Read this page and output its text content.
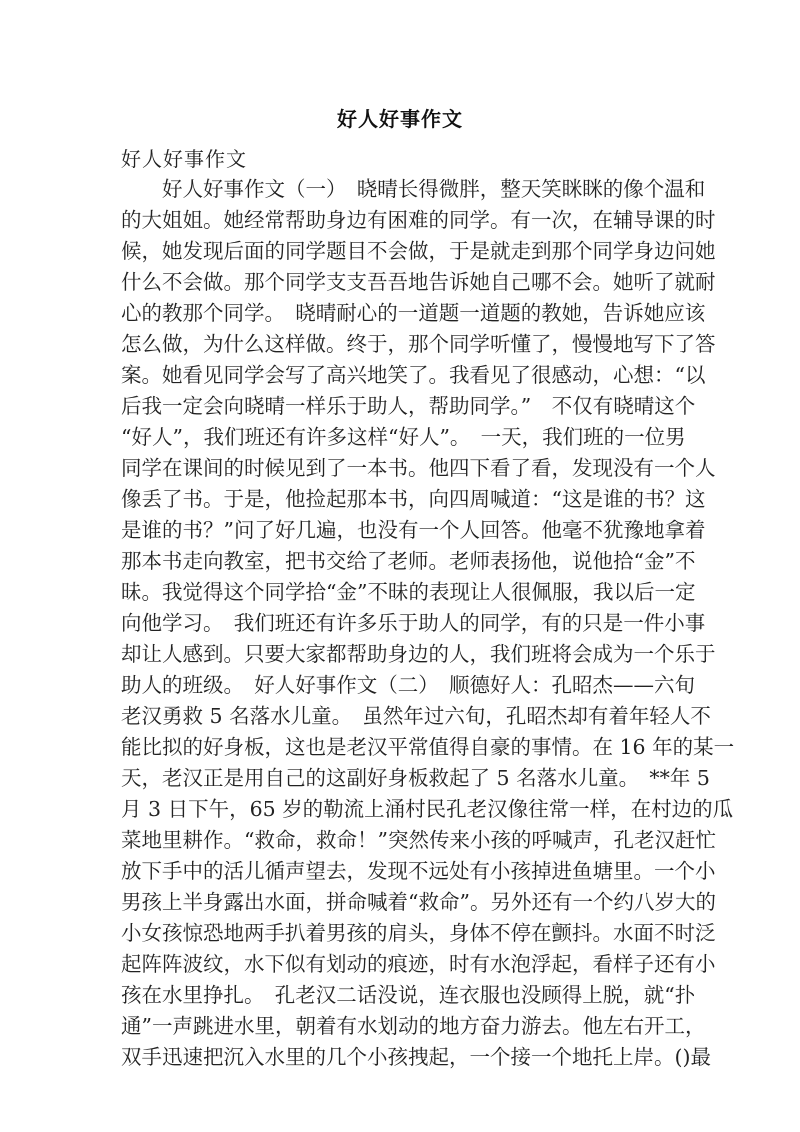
好人好事作文
好人好事作文
　　好人好事作文（一）　晓晴长得微胖，整天笑眯眯的像个温和
的大姐姐。她经常帮助身边有困难的同学。有一次，在辅导课的时
候，她发现后面的同学题目不会做，于是就走到那个同学身边问她
什么不会做。那个同学支支吾吾地告诉她自己哪不会。她听了就耐
心的教那个同学。　晓晴耐心的一道题一道题的教她，告诉她应该
怎么做，为什么这样做。终于，那个同学听懂了，慢慢地写下了答
案。她看见同学会写了高兴地笑了。我看见了很感动，心想：“以
后我一定会向晓晴一样乐于助人，帮助同学。”　不仅有晓晴这个
“好人”，我们班还有许多这样“好人”。　一天，我们班的一位男
同学在课间的时候见到了一本书。他四下看了看，发现没有一个人
像丢了书。于是，他捡起那本书，向四周喊道：“这是谁的书？这
是谁的书？”问了好几遍，也没有一个人回答。他毫不犹豫地拿着
那本书走向教室，把书交给了老师。老师表扬他，说他拾“金”不
昧。我觉得这个同学拾“金”不昧的表现让人很佩服，我以后一定
向他学习。　我们班还有许多乐于助人的同学，有的只是一件小事
却让人感到。只要大家都帮助身边的人，我们班将会成为一个乐于
助人的班级。　好人好事作文（二）　顺德好人：孔昭杰——六旬
老汉勇救 5 名落水儿童。　虽然年过六旬，孔昭杰却有着年轻人不
能比拟的好身板，这也是老汉平常值得自豪的事情。在 16 年的某一
天，老汉正是用自己的这副好身板救起了 5 名落水儿童。　**年 5
月 3 日下午，65 岁的勒流上涌村民孔老汉像往常一样，在村边的瓜
菜地里耕作。“救命，救命！”突然传来小孩的呼喊声，孔老汉赶忙
放下手中的活儿循声望去，发现不远处有小孩掉进鱼塘里。一个小
男孩上半身露出水面，拼命喊着“救命”。另外还有一个约八岁大的
小女孩惊恐地两手扒着男孩的肩头，身体不停在颤抖。水面不时泛
起阵阵波纹，水下似有划动的痕迹，时有水泡浮起，看样子还有小
孩在水里挣扎。　孔老汉二话没说，连衣服也没顾得上脱，就“扑
通”一声跳进水里，朝着有水划动的地方奋力游去。他左右开工，
双手迅速把沉入水里的几个小孩拽起，一个接一个地托上岸。()最
